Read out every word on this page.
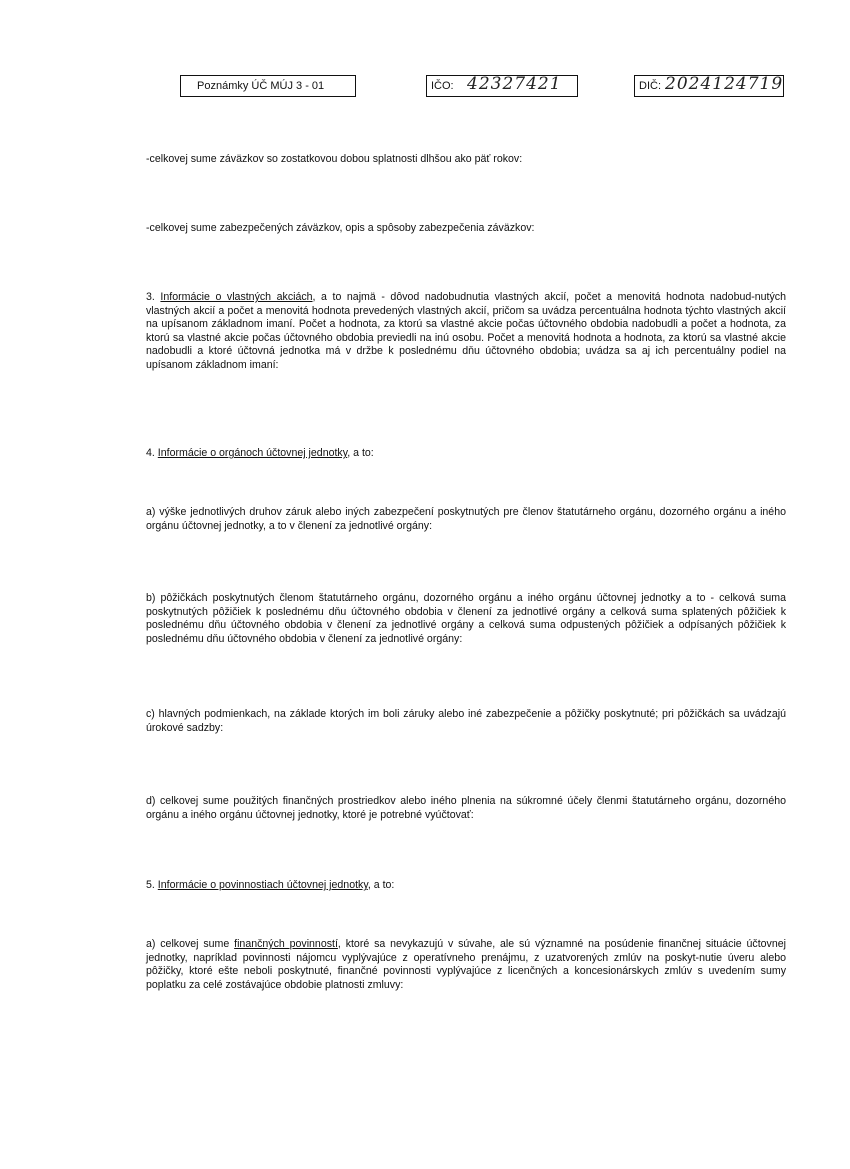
Poznámky ÚČ MÚJ 3 - 01	IČO: 42327421	DIČ: 2024124719

-celkovej sume záväzkov so zostatkovou dobou splatnosti dlhšou ako päť rokov:

-celkovej sume zabezpečených záväzkov, opis a spôsoby zabezpečenia záväzkov:

3. Informácie o vlastných akciách, a to najmä - dôvod nadobudnutia vlastných akcií, počet a menovitá hodnota nadobud-nutých vlastných akcií a počet a menovitá hodnota prevedených vlastných akcií, pričom sa uvádza percentuálna hodnota týchto vlastných akcií na upísanom základnom imaní. Počet a hodnota, za ktorú sa vlastné akcie počas účtovného obdobia nadobudli a počet a hodnota, za ktorú sa vlastné akcie počas účtovného obdobia previedli na inú osobu. Počet a menovitá hodnota a hodnota, za ktorú sa vlastné akcie nadobudli a ktoré účtovná jednotka má v držbe k poslednému dňu účtovného obdobia; uvádza sa aj ich percentuálny podiel na upísanom základnom imaní:

4. Informácie o orgánoch účtovnej jednotky, a to:

a) výške jednotlivých druhov záruk alebo iných zabezpečení poskytnutých pre členov štatutárneho orgánu, dozorného orgánu a iného orgánu účtovnej jednotky, a to v členení za jednotlivé orgány:

b) pôžičkách poskytnutých členom štatutárneho orgánu, dozorného orgánu a iného orgánu účtovnej jednotky a to - celková suma poskytnutých pôžičiek k poslednému dňu účtovného obdobia v členení za jednotlivé orgány a celková suma splatených pôžičiek k poslednému dňu účtovného obdobia v členení za jednotlivé orgány a celková suma odpustených pôžičiek a odpísaných pôžičiek k poslednému dňu účtovného obdobia v členení za jednotlivé orgány:

c) hlavných podmienkach, na základe ktorých im boli záruky alebo iné zabezpečenie a pôžičky poskytnuté; pri pôžičkách sa uvádzajú úrokové sadzby:

d) celkovej sume použitých finančných prostriedkov alebo iného plnenia na súkromné účely členmi štatutárneho orgánu, dozorného orgánu a iného orgánu účtovnej jednotky, ktoré je potrebné vyúčtovať:

5. Informácie o povinnostiach účtovnej jednotky, a to:

a) celkovej sume finančných povinností, ktoré sa nevykazujú v súvahe, ale sú významné na posúdenie finančnej situácie účtovnej jednotky, napríklad povinnosti nájomcu vyplývajúce z operatívneho prenájmu, z uzatvorených zmlúv na poskyt-nutie úveru alebo pôžičky, ktoré ešte neboli poskytnuté, finančné povinnosti vyplývajúce z licenčných a koncesionárskych zmlúv s uvedením sumy poplatku za celé zostávajúce obdobie platnosti zmluvy:
